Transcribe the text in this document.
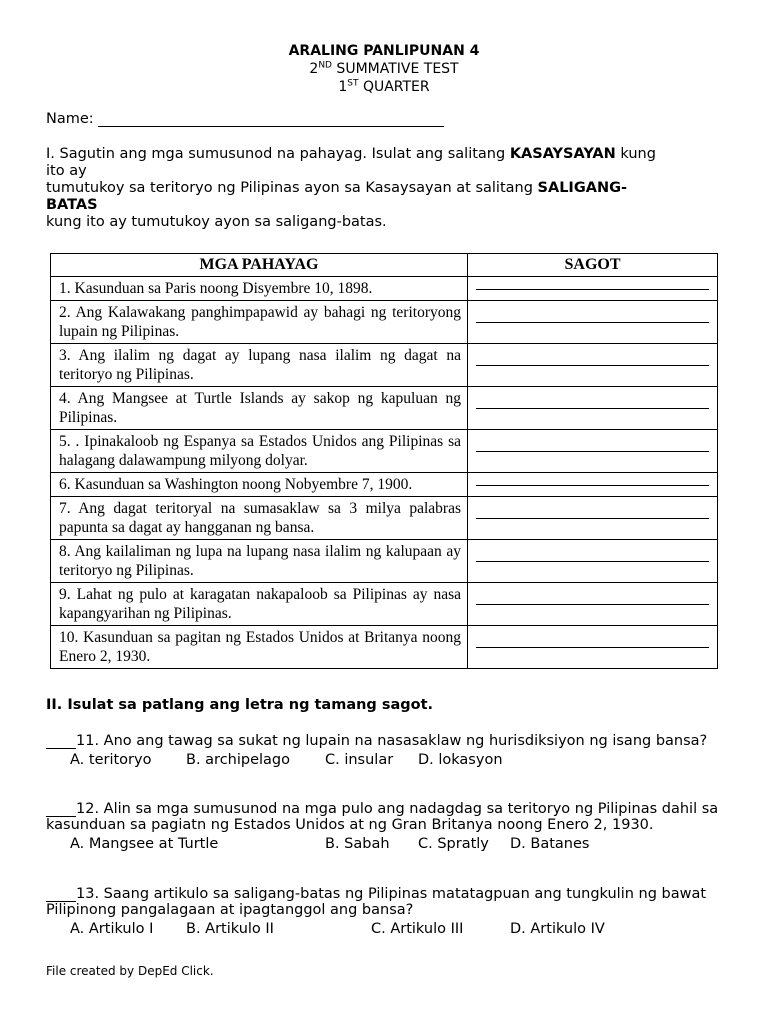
ARALING PANLIPUNAN 4
2ND SUMMATIVE TEST
1ST QUARTER
Name:

I. Sagutin ang mga sumusunod na pahayag. Isulat ang salitang KASAYSAYAN kung

ito ay

tumutukoy sa teritoryo ng Pilipinas ayon sa Kasaysayan at salitang SALIGANG-

BATAS

kung ito ay tumutukoy ayon sa saligang-batas.

MGA PAHAYAG	SAGOT
1. Kasunduan sa Paris noong Disyembre 10, 1898.	

2. Ang Kalawakang panghimpapawid ay bahagi ng teritoryong lupain ng Pilipinas.	

3. Ang ilalim ng dagat ay lupang nasa ilalim ng dagat na teritoryo ng Pilipinas.	

4. Ang Mangsee at Turtle Islands ay sakop ng kapuluan ng Pilipinas.	

5. . Ipinakaloob ng Espanya sa Estados Unidos ang Pilipinas sa halagang dalawampung milyong dolyar.	

6. Kasunduan sa Washington noong Nobyembre 7, 1900.	

7. Ang dagat teritoryal na sumasaklaw sa 3 milya palabras papunta sa dagat ay hangganan ng bansa.	

8. Ang kailaliman ng lupa na lupang nasa ilalim ng kalupaan ay teritoryo ng Pilipinas.	

9. Lahat ng pulo at karagatan nakapaloob sa Pilipinas ay nasa kapangyarihan ng Pilipinas.	

10. Kasunduan sa pagitan ng Estados Unidos at Britanya noong Enero 2, 1930.	
II. Isulat sa patlang ang letra ng tamang sagot.

11. Ano ang tawag sa sukat ng lupain na nasasaklaw ng hurisdiksiyon ng isang bansa?

A. teritoryo B. archipelago C. insular D. lokasyon

12. Alin sa mga sumusunod na mga pulo ang nadagdag sa teritoryo ng Pilipinas dahil sa kasunduan sa pagiatn ng Estados Unidos at ng Gran Britanya noong Enero 2, 1930.

A. Mangsee at Turtle	B. Sabah C. Spratly D. Batanes

13. Saang artikulo sa saligang-batas ng Pilipinas matatagpuan ang tungkulin ng bawat Pilipinong pangalagaan at ipagtanggol ang bansa?

A. Artikulo I B. Artikulo II	C. Artikulo III	D. Artikulo IV
File created by DepEd Click.
